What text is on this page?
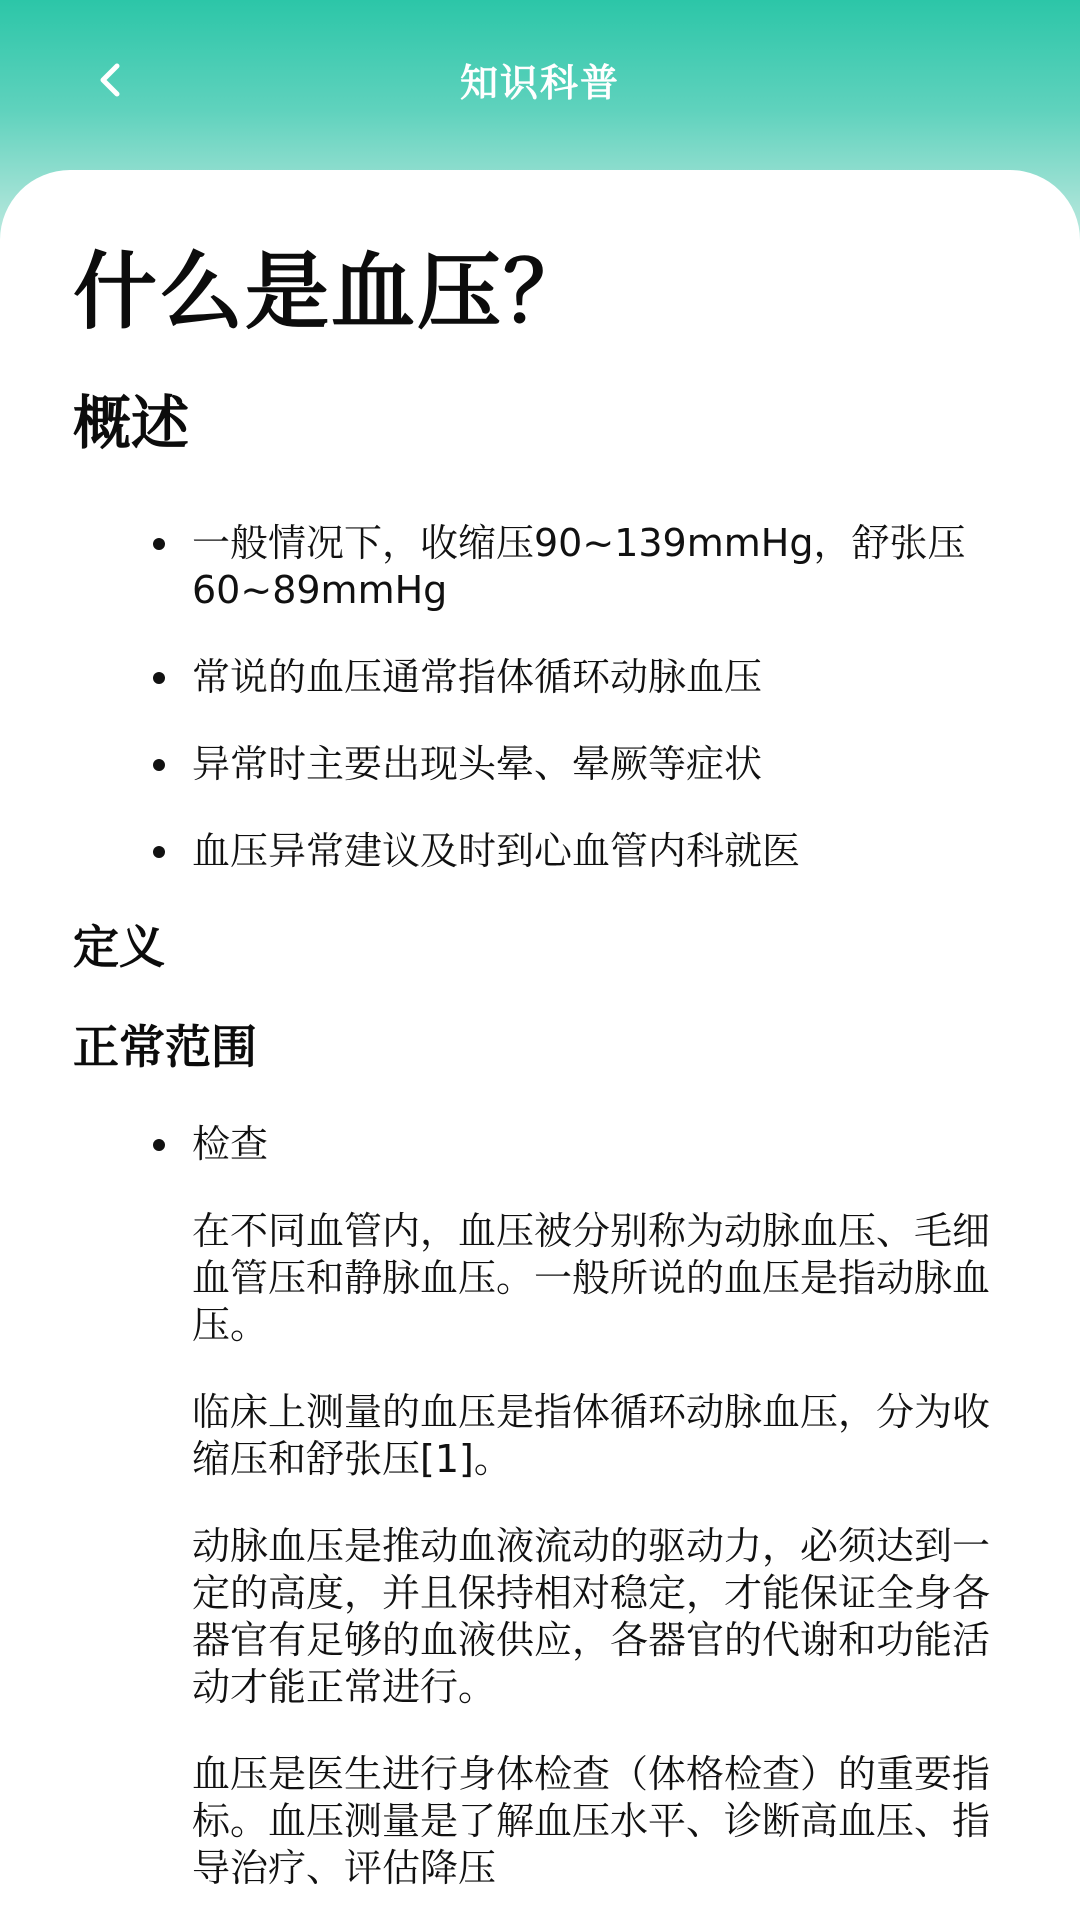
知识科普
什么是血压？
概述
一般情况下，收缩压90~139mmHg，舒张压60~89mmHg
常说的血压通常指体循环动脉血压
异常时主要出现头晕、晕厥等症状
血压异常建议及时到心血管内科就医
定义
正常范围
检查

在不同血管内，血压被分别称为动脉血压、毛细血管压和静脉血压。一般所说的血压是指动脉血压。

临床上测量的血压是指体循环动脉血压，分为收缩压和舒张压[1]。

动脉血压是推动血液流动的驱动力，必须达到一定的高度，并且保持相对稳定，才能保证全身各器官有足够的血液供应，各器官的代谢和功能活动才能正常进行。

血压是医生进行身体检查（体格检查）的重要指标。血压测量是了解血压水平、诊断高血压、指导治疗、评估降压
